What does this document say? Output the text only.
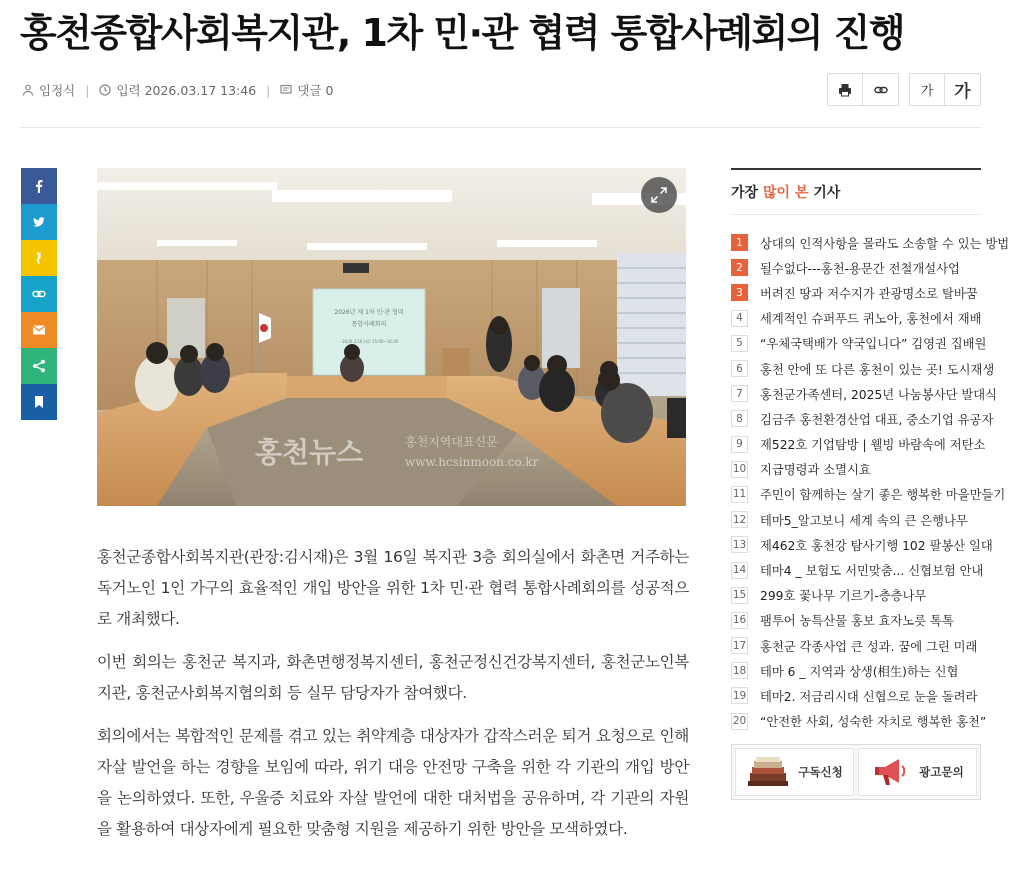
홍천종합사회복지관, 1차 민·관 협력 통합사례회의 진행
임정식 | 입력 2026.03.17 13:46 | 댓글 0	가	가
2026년 제 1차 민·관 협력
통합사례회의
· 2026.3.16.(월) 15:00~16:00
홍천뉴스	홍천지역대표신문
www.hcsinmoon.co.kr

홍천군종합사회복지관(관장:김시재)은 3월 16일 복지관 3층 회의실에서 화촌면 거주하는 독거노인 1인 가구의 효율적인 개입 방안을 위한 1차 민·관 협력 통합사례회의를 성공적으로 개최했다.

이번 회의는 홍천군 복지과, 화촌면행정복지센터, 홍천군정신건강복지센터, 홍천군노인복지관, 홍천군사회복지협의회 등 실무 담당자가 참여했다.

회의에서는 복합적인 문제를 겪고 있는 취약계층 대상자가 갑작스러운 퇴거 요청으로 인해 자살 발언을 하는 경향을 보임에 따라, 위기 대응 안전망 구축을 위한 각 기관의 개입 방안을 논의하였다. 또한, 우울증 치료와 자살 발언에 대한 대처법을 공유하며, 각 기관의 자원을 활용하여 대상자에게 필요한 맞춤형 지원을 제공하기 위한 방안을 모색하였다.

가장 많이 본 기사
1	상대의 인적사항을 몰라도 소송할 수 있는 방법
2	될수없다---홍천-용문간 전철개설사업
3	버려진 땅과 저수지가 관광명소로 탈바꿈
4	세계적인 슈퍼푸드 퀴노아, 홍천에서 재배
5	“우체국택배가 약국입니다” 김영권 집배원
6	홍천 안에 또 다른 홍천이 있는 곳! 도시재생
7	홍천군가족센터, 2025년 나눔봉사단 발대식
8	김금주 홍천환경산업 대표, 중소기업 유공자
9	제522호 기업탐방 | 웰빙 바람속에 저탄소
10 지급명령과 소멸시효
11 주민이 함께하는 살기 좋은 행복한 마을만들기
12 테마5_알고보니 세계 속의 큰 은행나무
13 제462호 홍천강 탐사기행 102 팔봉산 일대
14 테마4 _ 보험도 서민맞춤... 신협보험 안내
15 299호 꽃나무 기르기-층층나무
16 팸투어 농특산물 홍보 효자노릇 톡톡
17 홍천군 각종사업 큰 성과. 꿈에 그린 미래
18 테마 6 _ 지역과 상생(相生)하는 신협
19 테마2. 저금리시대 신협으로 눈을 돌려라
20 “안전한 사회, 성숙한 자치로 행복한 홍천”
구독신청	광고문의
